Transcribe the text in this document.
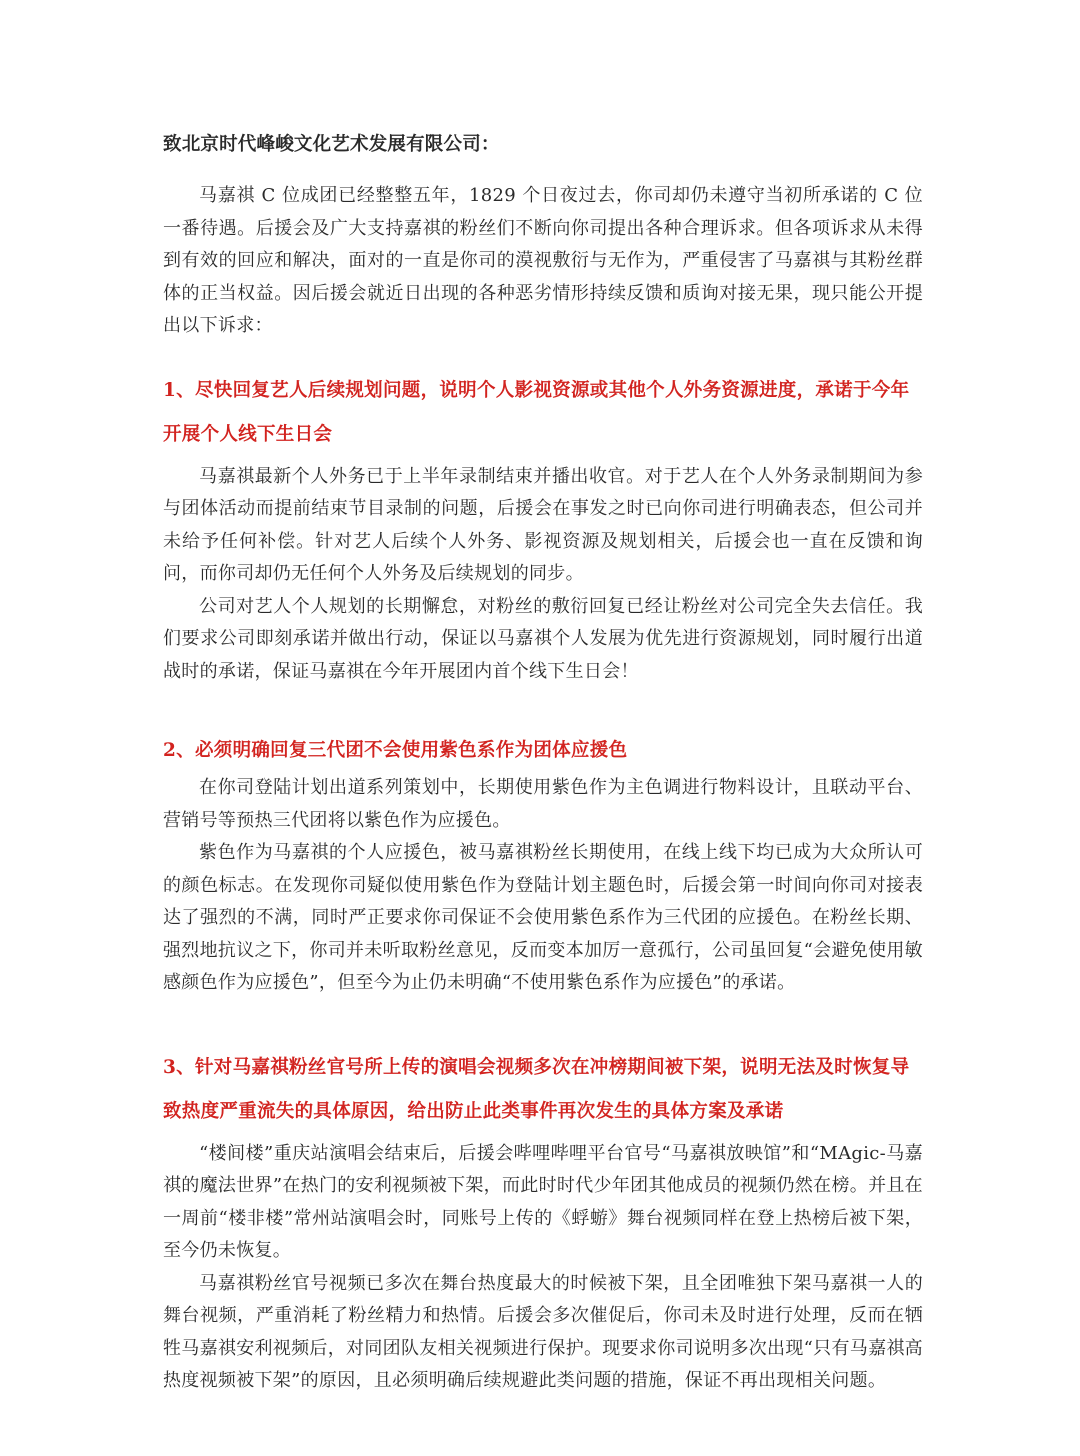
致北京时代峰峻文化艺术发展有限公司：

马嘉祺 C 位成团已经整整五年，1829 个日夜过去，你司却仍未遵守当初所承诺的 C 位一番待遇。后援会及广大支持嘉祺的粉丝们不断向你司提出各种合理诉求。但各项诉求从未得到有效的回应和解决，面对的一直是你司的漠视敷衍与无作为，严重侵害了马嘉祺与其粉丝群体的正当权益。因后援会就近日出现的各种恶劣情形持续反馈和质询对接无果，现只能公开提出以下诉求：

1、尽快回复艺人后续规划问题，说明个人影视资源或其他个人外务资源进度，承诺于今年开展个人线下生日会

马嘉祺最新个人外务已于上半年录制结束并播出收官。对于艺人在个人外务录制期间为参与团体活动而提前结束节目录制的问题，后援会在事发之时已向你司进行明确表态，但公司并未给予任何补偿。针对艺人后续个人外务、影视资源及规划相关，后援会也一直在反馈和询问，而你司却仍无任何个人外务及后续规划的同步。

公司对艺人个人规划的长期懈怠，对粉丝的敷衍回复已经让粉丝对公司完全失去信任。我们要求公司即刻承诺并做出行动，保证以马嘉祺个人发展为优先进行资源规划，同时履行出道战时的承诺，保证马嘉祺在今年开展团内首个线下生日会！

2、必须明确回复三代团不会使用紫色系作为团体应援色

在你司登陆计划出道系列策划中，长期使用紫色作为主色调进行物料设计，且联动平台、营销号等预热三代团将以紫色作为应援色。

紫色作为马嘉祺的个人应援色，被马嘉祺粉丝长期使用，在线上线下均已成为大众所认可的颜色标志。在发现你司疑似使用紫色作为登陆计划主题色时，后援会第一时间向你司对接表达了强烈的不满，同时严正要求你司保证不会使用紫色系作为三代团的应援色。在粉丝长期、强烈地抗议之下，你司并未听取粉丝意见，反而变本加厉一意孤行，公司虽回复“会避免使用敏感颜色作为应援色”，但至今为止仍未明确“不使用紫色系作为应援色”的承诺。

3、针对马嘉祺粉丝官号所上传的演唱会视频多次在冲榜期间被下架，说明无法及时恢复导致热度严重流失的具体原因，给出防止此类事件再次发生的具体方案及承诺

“楼间楼”重庆站演唱会结束后，后援会哔哩哔哩平台官号“马嘉祺放映馆”和“MAgic-马嘉祺的魔法世界”在热门的安利视频被下架，而此时时代少年团其他成员的视频仍然在榜。并且在一周前“楼非楼”常州站演唱会时，同账号上传的《蜉蝣》舞台视频同样在登上热榜后被下架，至今仍未恢复。

马嘉祺粉丝官号视频已多次在舞台热度最大的时候被下架，且全团唯独下架马嘉祺一人的舞台视频，严重消耗了粉丝精力和热情。后援会多次催促后，你司未及时进行处理，反而在牺牲马嘉祺安利视频后，对同团队友相关视频进行保护。现要求你司说明多次出现“只有马嘉祺高热度视频被下架”的原因，且必须明确后续规避此类问题的措施，保证不再出现相关问题。
